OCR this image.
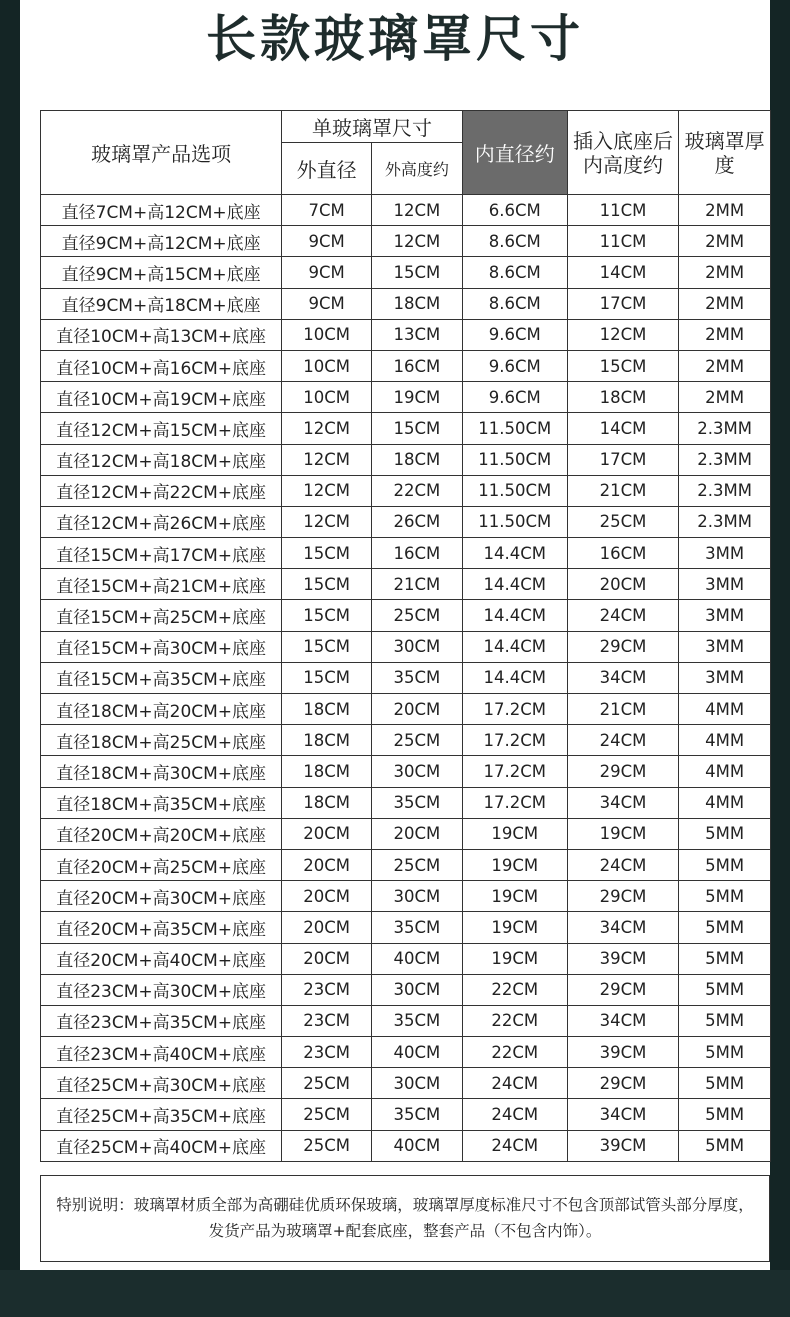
长款玻璃罩尺寸
玻璃罩产品选项	单玻璃罩尺寸		内直径约	插入底座后内高度约	玻璃罩厚度
	外直径	外高度约			
直径7CM+高12CM+底座	7CM	12CM	6.6CM	11CM	2MM
直径9CM+高12CM+底座	9CM	12CM	8.6CM	11CM	2MM
直径9CM+高15CM+底座	9CM	15CM	8.6CM	14CM	2MM
直径9CM+高18CM+底座	9CM	18CM	8.6CM	17CM	2MM
直径10CM+高13CM+底座	10CM	13CM	9.6CM	12CM	2MM
直径10CM+高16CM+底座	10CM	16CM	9.6CM	15CM	2MM
直径10CM+高19CM+底座	10CM	19CM	9.6CM	18CM	2MM
直径12CM+高15CM+底座	12CM	15CM	11.50CM	14CM	2.3MM
直径12CM+高18CM+底座	12CM	18CM	11.50CM	17CM	2.3MM
直径12CM+高22CM+底座	12CM	22CM	11.50CM	21CM	2.3MM
直径12CM+高26CM+底座	12CM	26CM	11.50CM	25CM	2.3MM
直径15CM+高17CM+底座	15CM	16CM	14.4CM	16CM	3MM
直径15CM+高21CM+底座	15CM	21CM	14.4CM	20CM	3MM
直径15CM+高25CM+底座	15CM	25CM	14.4CM	24CM	3MM
直径15CM+高30CM+底座	15CM	30CM	14.4CM	29CM	3MM
直径15CM+高35CM+底座	15CM	35CM	14.4CM	34CM	3MM
直径18CM+高20CM+底座	18CM	20CM	17.2CM	21CM	4MM
直径18CM+高25CM+底座	18CM	25CM	17.2CM	24CM	4MM
直径18CM+高30CM+底座	18CM	30CM	17.2CM	29CM	4MM
直径18CM+高35CM+底座	18CM	35CM	17.2CM	34CM	4MM
直径20CM+高20CM+底座	20CM	20CM	19CM	19CM	5MM
直径20CM+高25CM+底座	20CM	25CM	19CM	24CM	5MM
直径20CM+高30CM+底座	20CM	30CM	19CM	29CM	5MM
直径20CM+高35CM+底座	20CM	35CM	19CM	34CM	5MM
直径20CM+高40CM+底座	20CM	40CM	19CM	39CM	5MM
直径23CM+高30CM+底座	23CM	30CM	22CM	29CM	5MM
直径23CM+高35CM+底座	23CM	35CM	22CM	34CM	5MM
直径23CM+高40CM+底座	23CM	40CM	22CM	39CM	5MM
直径25CM+高30CM+底座	25CM	30CM	24CM	29CM	5MM
直径25CM+高35CM+底座	25CM	35CM	24CM	34CM	5MM
直径25CM+高40CM+底座	25CM	40CM	24CM	39CM	5MM
特别说明：玻璃罩材质全部为高硼硅优质环保玻璃，玻璃罩厚度标准尺寸不包含顶部试管头部分厚度，发货产品为玻璃罩+配套底座，整套产品（不包含内饰）。
